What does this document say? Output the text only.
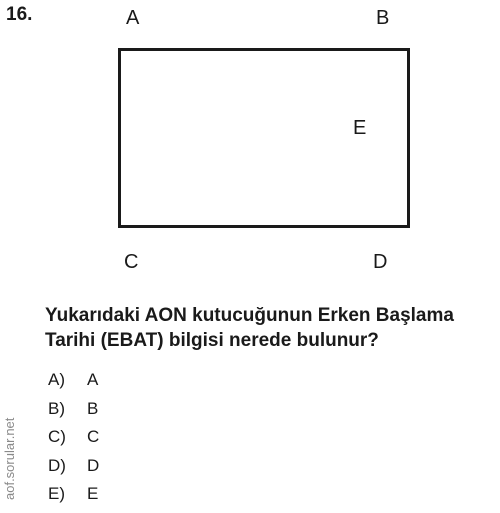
16.	A	B
E
C	D
Yukarıdaki AON kutucuğunun Erken Başlama
Tarihi (EBAT) bilgisi nerede bulunur?
A) A
B) B
C) C
D) D
E) E
aof.sorular.net
